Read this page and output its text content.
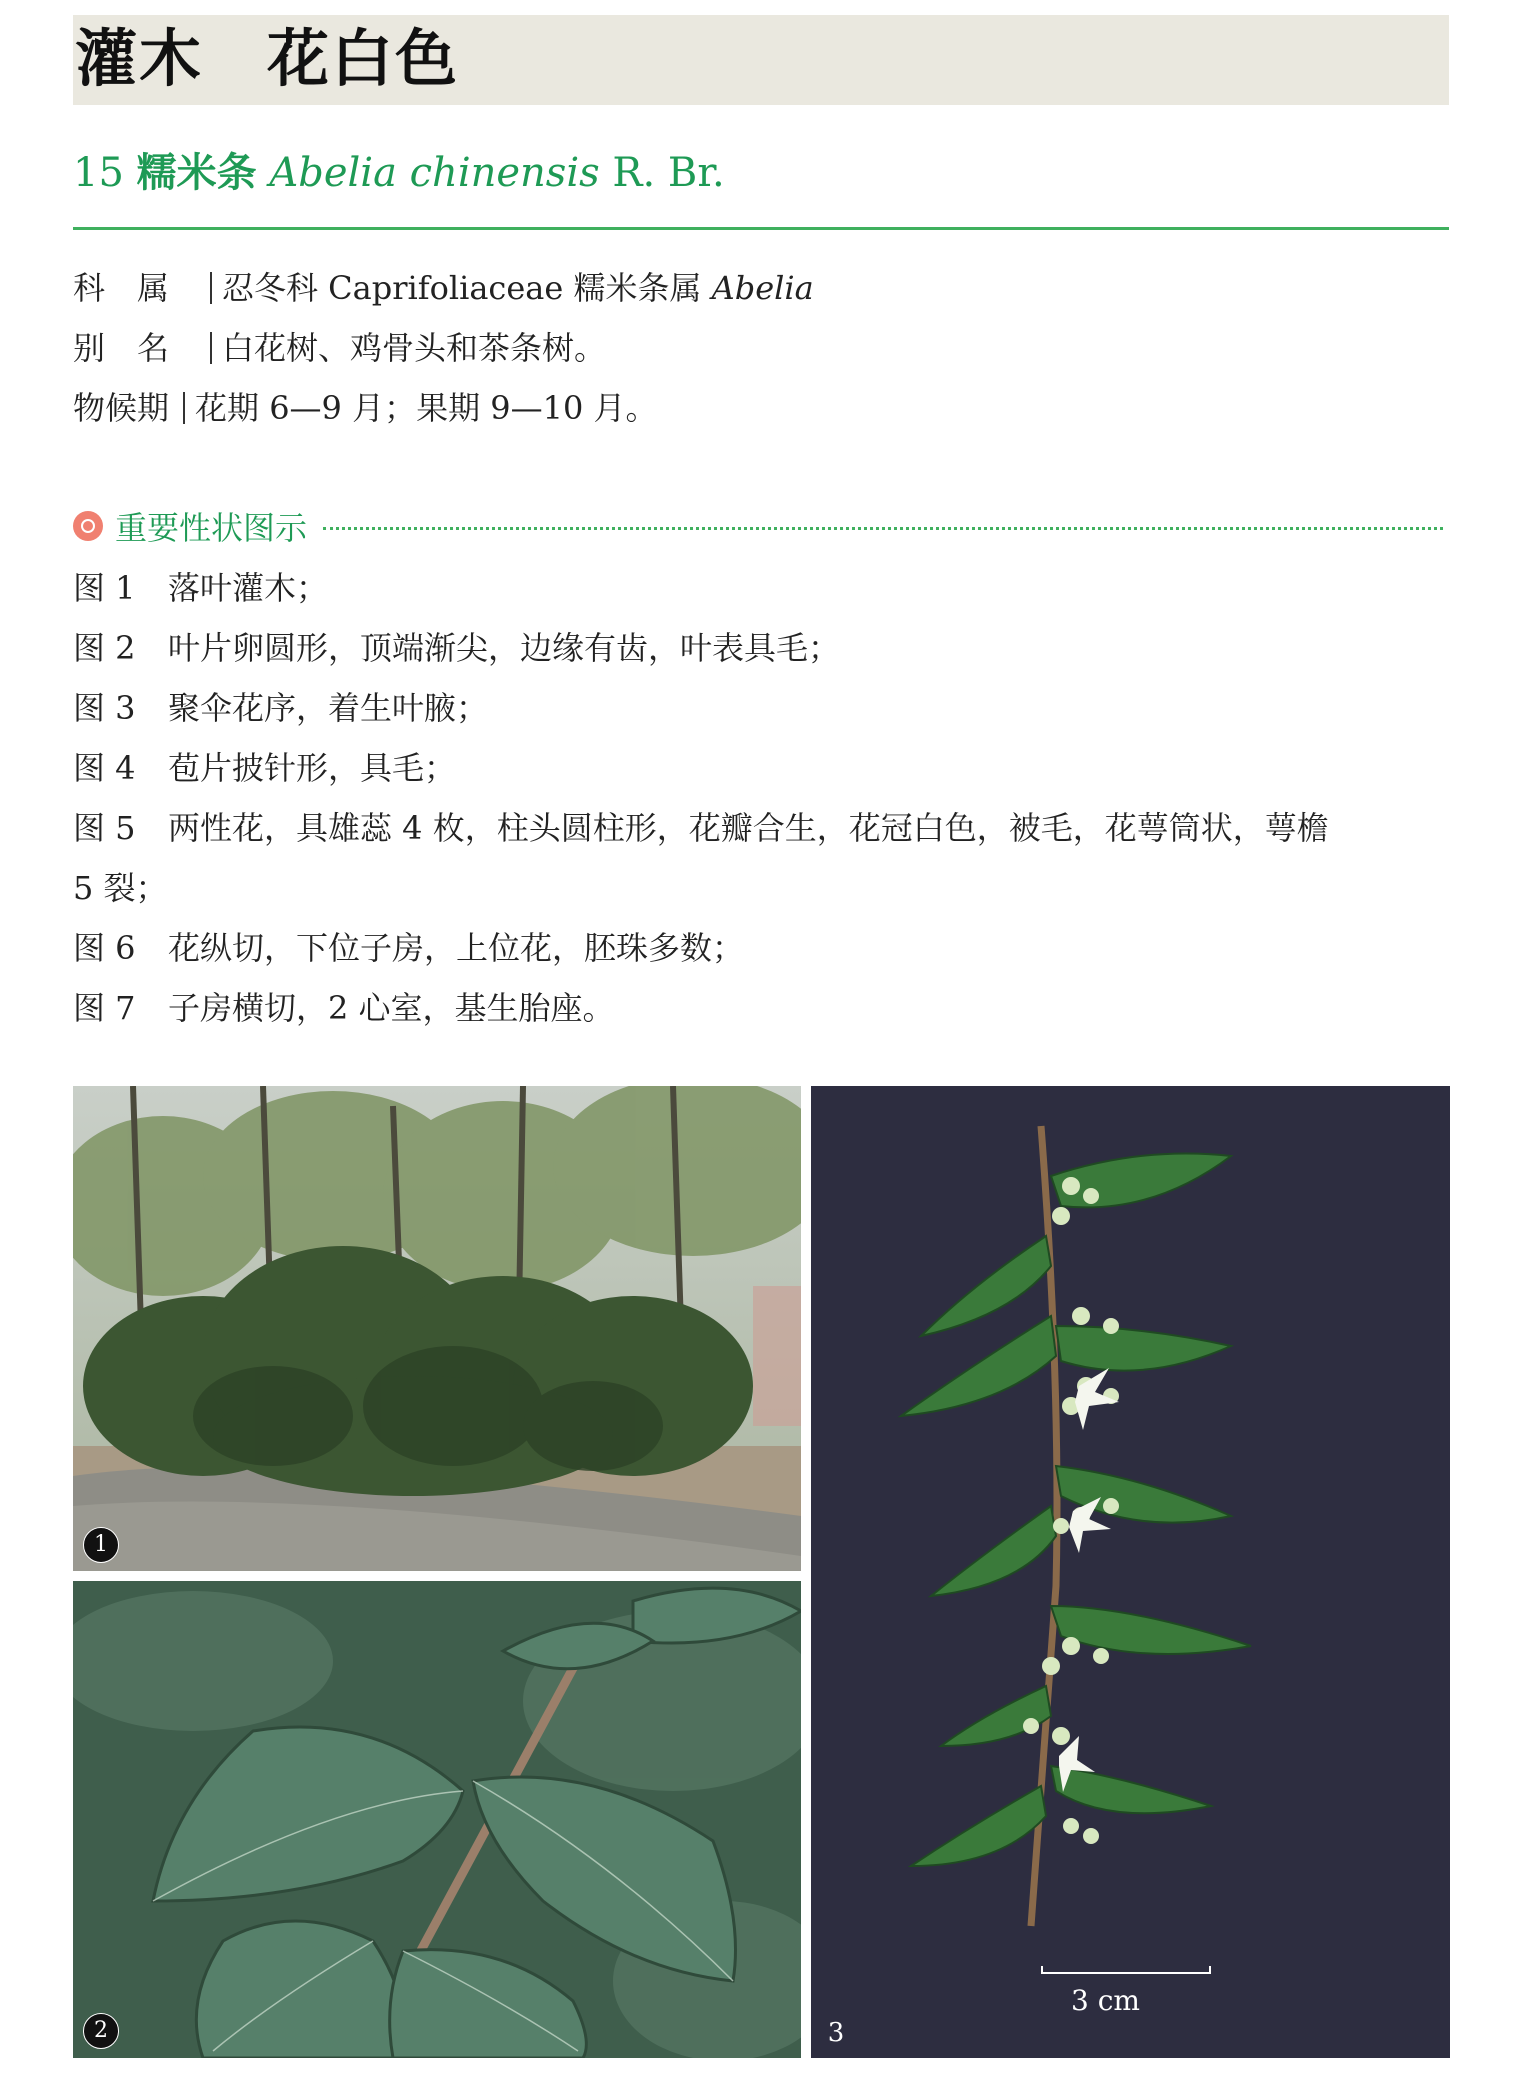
灌木　花白色
15 糯米条 Abelia chinensis R. Br.
科　属 忍冬科 Caprifoliaceae 糯米条属 Abelia
别　名 白花树、鸡骨头和茶条树。
物候期 花期 6—9 月；果期 9—10 月。
重要性状图示
图 1 落叶灌木；
图 2 叶片卵圆形，顶端渐尖，边缘有齿，叶表具毛；
图 3 聚伞花序，着生叶腋；
图 4 苞片披针形，具毛；
图 5 两性花，具雄蕊 4 枚，柱头圆柱形，花瓣合生，花冠白色，被毛，花萼筒状，萼檐
5 裂；
图 6 花纵切，下位子房，上位花，胚珠多数；
图 7 子房横切，2 心室，基生胎座。
1
2
3 cm
3
